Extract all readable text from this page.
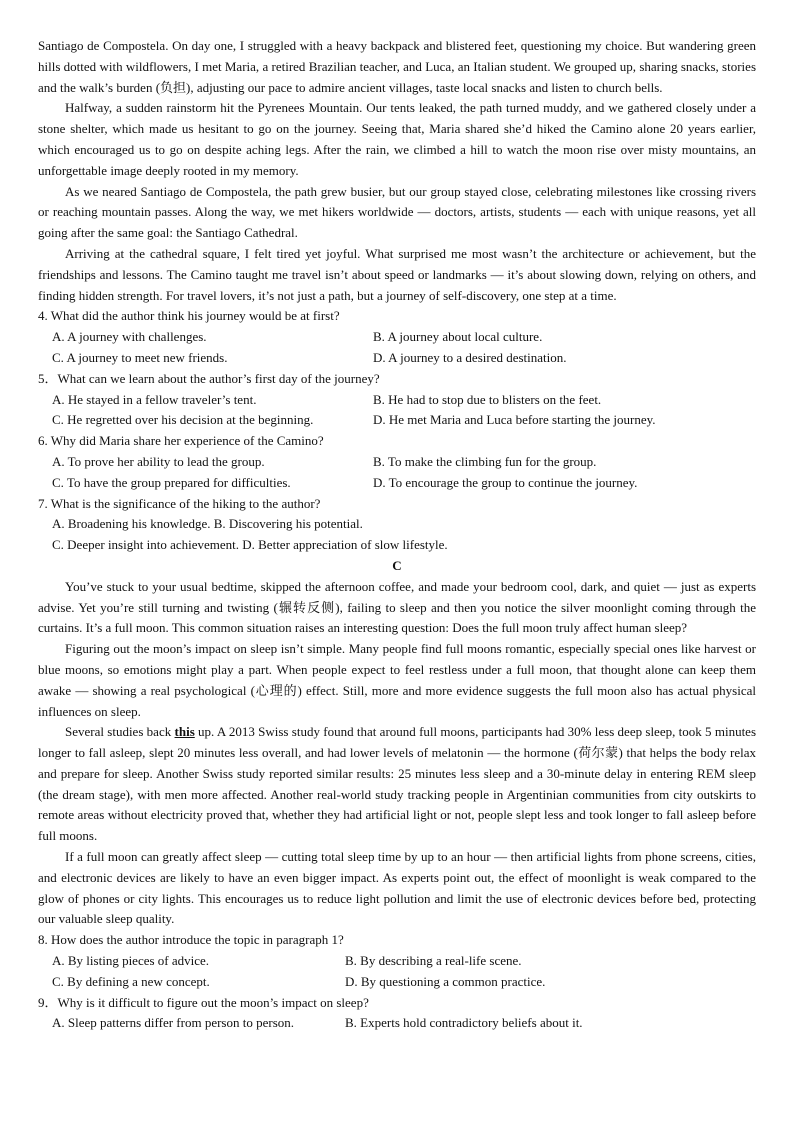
Santiago de Compostela. On day one, I struggled with a heavy backpack and blistered feet, questioning my choice. But wandering green hills dotted with wildflowers, I met Maria, a retired Brazilian teacher, and Luca, an Italian student. We grouped up, sharing snacks, stories and the walk’s burden (负担), adjusting our pace to admire ancient villages, taste local snacks and listen to church bells.

Halfway, a sudden rainstorm hit the Pyrenees Mountain. Our tents leaked, the path turned muddy, and we gathered closely under a stone shelter, which made us hesitant to go on the journey. Seeing that, Maria shared she’d hiked the Camino alone 20 years earlier, which encouraged us to go on despite aching legs. After the rain, we climbed a hill to watch the moon rise over misty mountains, an unforgettable image deeply rooted in my memory.

As we neared Santiago de Compostela, the path grew busier, but our group stayed close, celebrating milestones like crossing rivers or reaching mountain passes. Along the way, we met hikers worldwide — doctors, artists, students — each with unique reasons, yet all going after the same goal: the Santiago Cathedral.

Arriving at the cathedral square, I felt tired yet joyful. What surprised me most wasn’t the architecture or achievement, but the friendships and lessons. The Camino taught me travel isn’t about speed or landmarks — it’s about slowing down, relying on others, and finding hidden strength. For travel lovers, it’s not just a path, but a journey of self-discovery, one step at a time.

4. What did the author think his journey would be at first?
A. A journey with challenges.	B. A journey about local culture.
C. A journey to meet new friends.	D. A journey to a desired destination.
5．What can we learn about the author’s first day of the journey?
A. He stayed in a fellow traveler’s tent.	B. He had to stop due to blisters on the feet.
C. He regretted over his decision at the beginning.	D. He met Maria and Luca before starting the journey.
6. Why did Maria share her experience of the Camino?
A. To prove her ability to lead the group.	B. To make the climbing fun for the group.
C. To have the group prepared for difficulties.	D. To encourage the group to continue the journey.
7. What is the significance of the hiking to the author?
A. Broadening his knowledge. B. Discovering his potential.
C. Deeper insight into achievement. D. Better appreciation of slow lifestyle.
C

You’ve stuck to your usual bedtime, skipped the afternoon coffee, and made your bedroom cool, dark, and quiet — just as experts advise. Yet you’re still turning and twisting (辗转反侧), failing to sleep and then you notice the silver moonlight coming through the curtains. It’s a full moon. This common situation raises an interesting question: Does the full moon truly affect human sleep?

Figuring out the moon’s impact on sleep isn’t simple. Many people find full moons romantic, especially special ones like harvest or blue moons, so emotions might play a part. When people expect to feel restless under a full moon, that thought alone can keep them awake — showing a real psychological (心理的) effect. Still, more and more evidence suggests the full moon also has actual physical influences on sleep.

Several studies back this up. A 2013 Swiss study found that around full moons, participants had 30% less deep sleep, took 5 minutes longer to fall asleep, slept 20 minutes less overall, and had lower levels of melatonin — the hormone (荷尔蒙) that helps the body relax and prepare for sleep. Another Swiss study reported similar results: 25 minutes less sleep and a 30-minute delay in entering REM sleep (the dream stage), with men more affected. Another real-world study tracking people in Argentinian communities from city outskirts to remote areas without electricity proved that, whether they had artificial light or not, people slept less and took longer to fall asleep before full moons.

If a full moon can greatly affect sleep — cutting total sleep time by up to an hour — then artificial lights from phone screens, cities, and electronic devices are likely to have an even bigger impact. As experts point out, the effect of moonlight is weak compared to the glow of phones or city lights. This encourages us to reduce light pollution and limit the use of electronic devices before bed, protecting our valuable sleep quality.

8. How does the author introduce the topic in paragraph 1?
A. By listing pieces of advice.	B. By describing a real-life scene.
C. By defining a new concept.	D. By questioning a common practice.
9．Why is it difficult to figure out the moon’s impact on sleep?
A. Sleep patterns differ from person to person.	B. Experts hold contradictory beliefs about it.
